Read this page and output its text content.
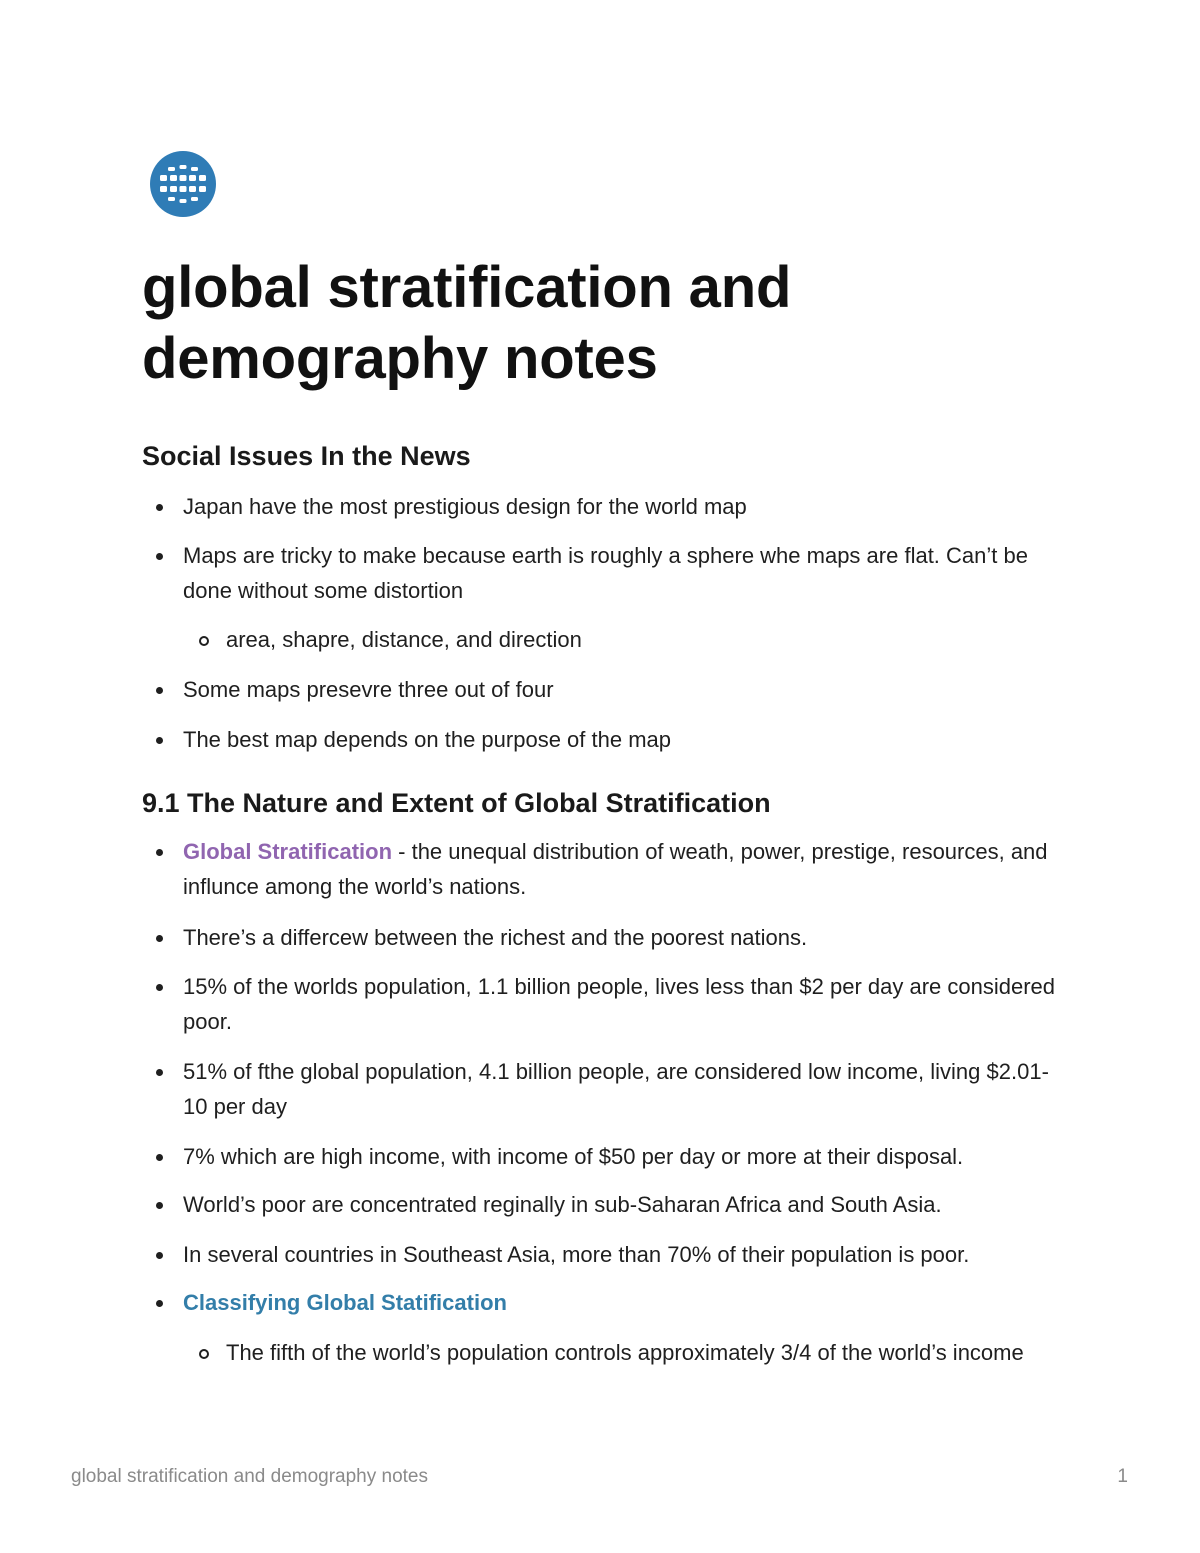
global stratification and demography notes
Social Issues In the News
Japan have the most prestigious design for the world map
Maps are tricky to make because earth is roughly a sphere whe maps are flat. Can’t be done without some distortion
area, shapre, distance, and direction
Some maps presevre three out of four
The best map depends on the purpose of the map
9.1 The Nature and Extent of Global Stratification
Global Stratification - the unequal distribution of weath, power, prestige, resources, and influnce among the world’s nations.
There’s a differcew between the richest and the poorest nations.
15% of the worlds population, 1.1 billion people, lives less than $2 per day are considered poor.
51% of fthe global population, 4.1 billion people, are considered low income, living $2.01-10 per day
7% which are high income, with income of $50 per day or more at their disposal.
World’s poor are concentrated reginally in sub-Saharan Africa and South Asia.
In several countries in Southeast Asia, more than 70% of their population is poor.
Classifying Global Statification
The fifth of the world’s population controls approximately 3/4 of the world’s income
global stratification and demography notes	1
